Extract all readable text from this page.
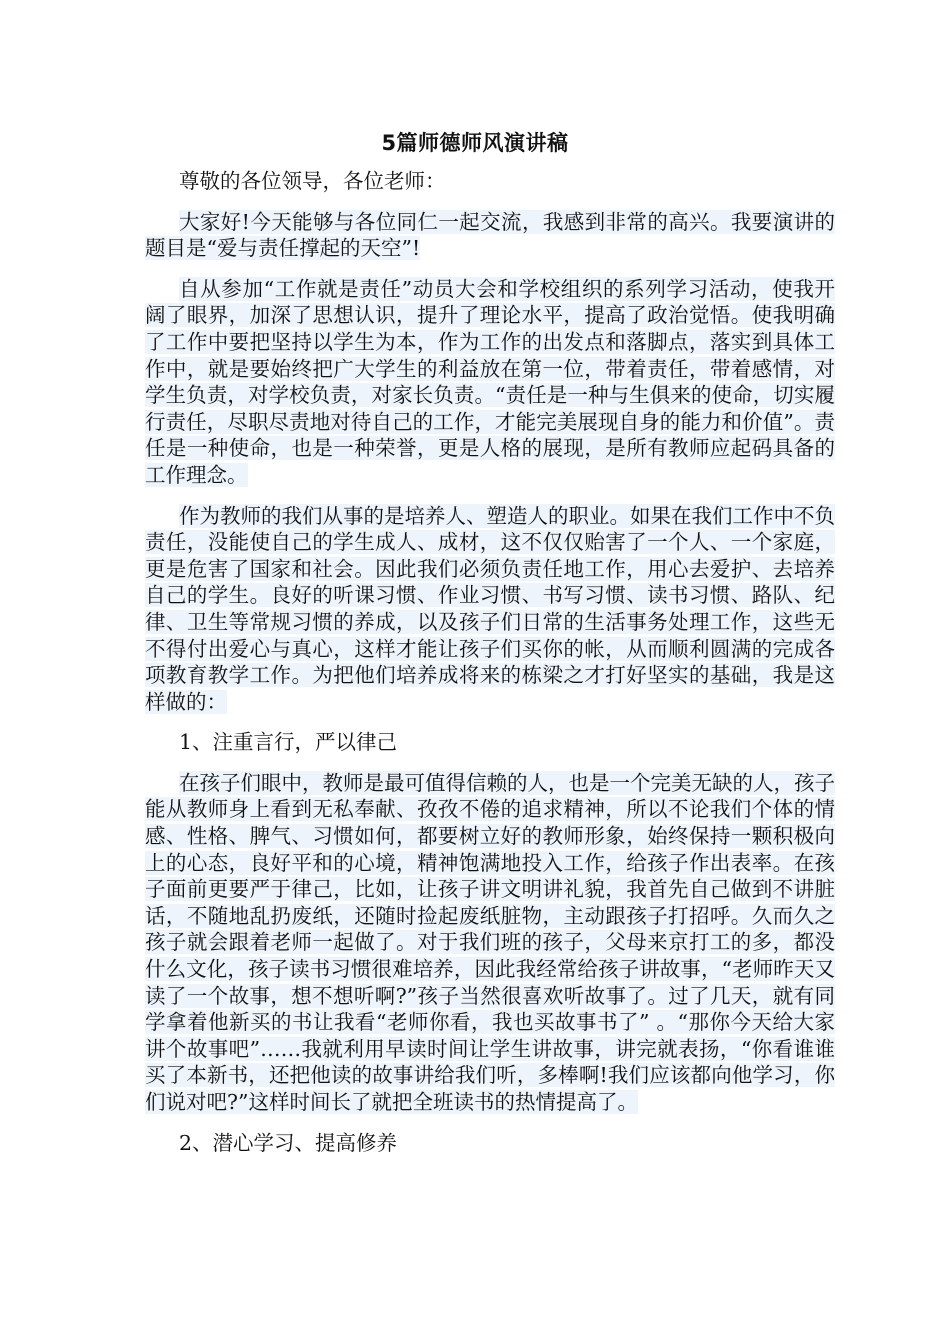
5篇师德师风演讲稿

尊敬的各位领导，各位老师：

大家好!今天能够与各位同仁一起交流，我感到非常的高兴。我要演讲的题目是“爱与责任撑起的天空”!

自从参加“工作就是责任”动员大会和学校组织的系列学习活动，使我开阔了眼界，加深了思想认识，提升了理论水平，提高了政治觉悟。使我明确了工作中要把坚持以学生为本，作为工作的出发点和落脚点，落实到具体工作中，就是要始终把广大学生的利益放在第一位，带着责任，带着感情，对学生负责，对学校负责，对家长负责。“责任是一种与生俱来的使命，切实履行责任，尽职尽责地对待自己的工作，才能完美展现自身的能力和价值”。责任是一种使命，也是一种荣誉，更是人格的展现，是所有教师应起码具备的工作理念。

作为教师的我们从事的是培养人、塑造人的职业。如果在我们工作中不负责任，没能使自己的学生成人、成材，这不仅仅贻害了一个人、一个家庭，更是危害了国家和社会。因此我们必须负责任地工作，用心去爱护、去培养自己的学生。良好的听课习惯、作业习惯、书写习惯、读书习惯、路队、纪律、卫生等常规习惯的养成，以及孩子们日常的生活事务处理工作，这些无不得付出爱心与真心，这样才能让孩子们买你的帐，从而顺利圆满的完成各项教育教学工作。为把他们培养成将来的栋梁之才打好坚实的基础，我是这样做的：

1、注重言行，严以律己

在孩子们眼中，教师是最可值得信赖的人，也是一个完美无缺的人，孩子能从教师身上看到无私奉献、孜孜不倦的追求精神，所以不论我们个体的情感、性格、脾气、习惯如何，都要树立好的教师形象，始终保持一颗积极向上的心态，良好平和的心境，精神饱满地投入工作，给孩子作出表率。在孩子面前更要严于律己，比如，让孩子讲文明讲礼貌，我首先自己做到不讲脏话，不随地乱扔废纸，还随时捡起废纸脏物，主动跟孩子打招呼。久而久之孩子就会跟着老师一起做了。对于我们班的孩子，父母来京打工的多，都没什么文化，孩子读书习惯很难培养，因此我经常给孩子讲故事，“老师昨天又读了一个故事，想不想听啊?”孩子当然很喜欢听故事了。过了几天，就有同学拿着他新买的书让我看“老师你看，我也买故事书了” 。“那你今天给大家讲个故事吧”……我就利用早读时间让学生讲故事，讲完就表扬，“你看谁谁买了本新书，还把他读的故事讲给我们听，多棒啊!我们应该都向他学习，你们说对吧?”这样时间长了就把全班读书的热情提高了。

2、潜心学习、提高修养
